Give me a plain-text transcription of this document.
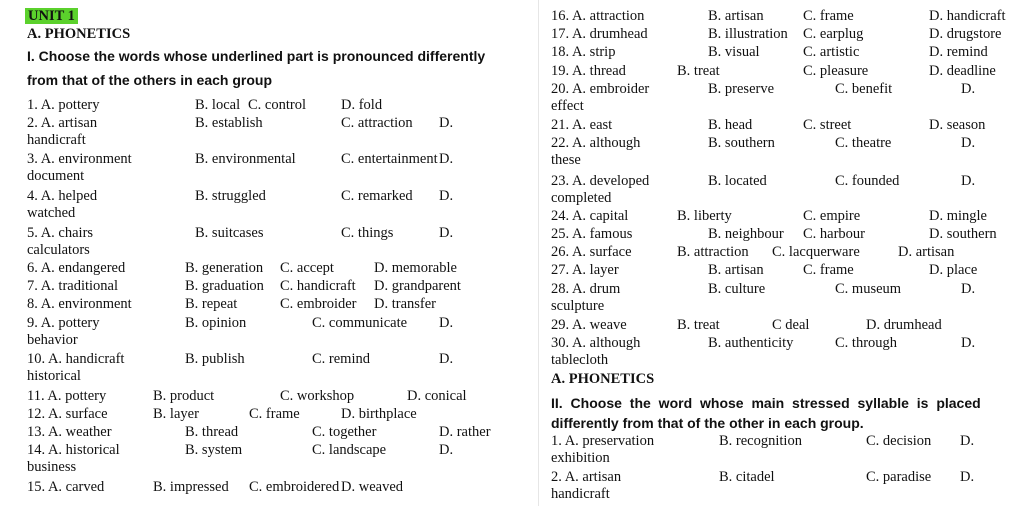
UNIT 1
A. PHONETICS
I. Choose the words whose underlined part is pronounced differently
from that of the others in each group
1. A. pottery	B. local C. control D. fold
2. A. artisan	B. establish	C. attraction D.
handicraft
3. A. environment	B. environmental	C. entertainment D.
document
4. A. helped	B. struggled	C. remarked D.
watched
5. A. chairs	B. suitcases	C. things	D.
calculators
6. A. endangered	B. generation C. accept	D. memorable
7. A. traditional	B. graduation C. handicraft D. grandparent
8. A. environment	B. repeat	C. embroider D. transfer
9. A. pottery	B. opinion	C. communicate D.
behavior
10. A. handicraft	B. publish	C. remind	D.
historical
11. A. pottery	B. product	C. workshop	D. conical
12. A. surface	B. layer	C. frame	D. birthplace
13. A. weather	B. thread	C. together	D. rather
14. A. historical	B. system	C. landscape	D.
business
15. A. carved	B. impressed C. embroidered D. weaved
16. A. attraction	B. artisan	C. frame	D. handicraft
17. A. drumhead	B. illustration C. earplug	D. drugstore
18. A. strip	B. visual	C. artistic	D. remind
19. A. thread	B. treat	C. pleasure	D. deadline
20. A. embroider	B. preserve	C. benefit	D.
effect
21. A. east	B. head	C. street	D. season
22. A. although	B. southern	C. theatre	D.
these
23. A. developed	B. located	C. founded	D.
completed
24. A. capital	B. liberty	C. empire	D. mingle
25. A. famous	B. neighbour C. harbour	D. southern
26. A. surface	B. attraction C. lacquerware	D. artisan
27. A. layer	B. artisan	C. frame	D. place
28. A. drum	B. culture	C. museum	D.
sculpture
29. A. weave	B. treat	C deal	D. drumhead
30. A. although	B. authenticity	C. through	D.
tablecloth
A. PHONETICS
II. Choose the word whose main stressed syllable is placed
differently from that of the other in each group.
1. A. preservation	B. recognition	C. decision D.
exhibition
2. A. artisan	B. citadel	C. paradise D.
handicraft
